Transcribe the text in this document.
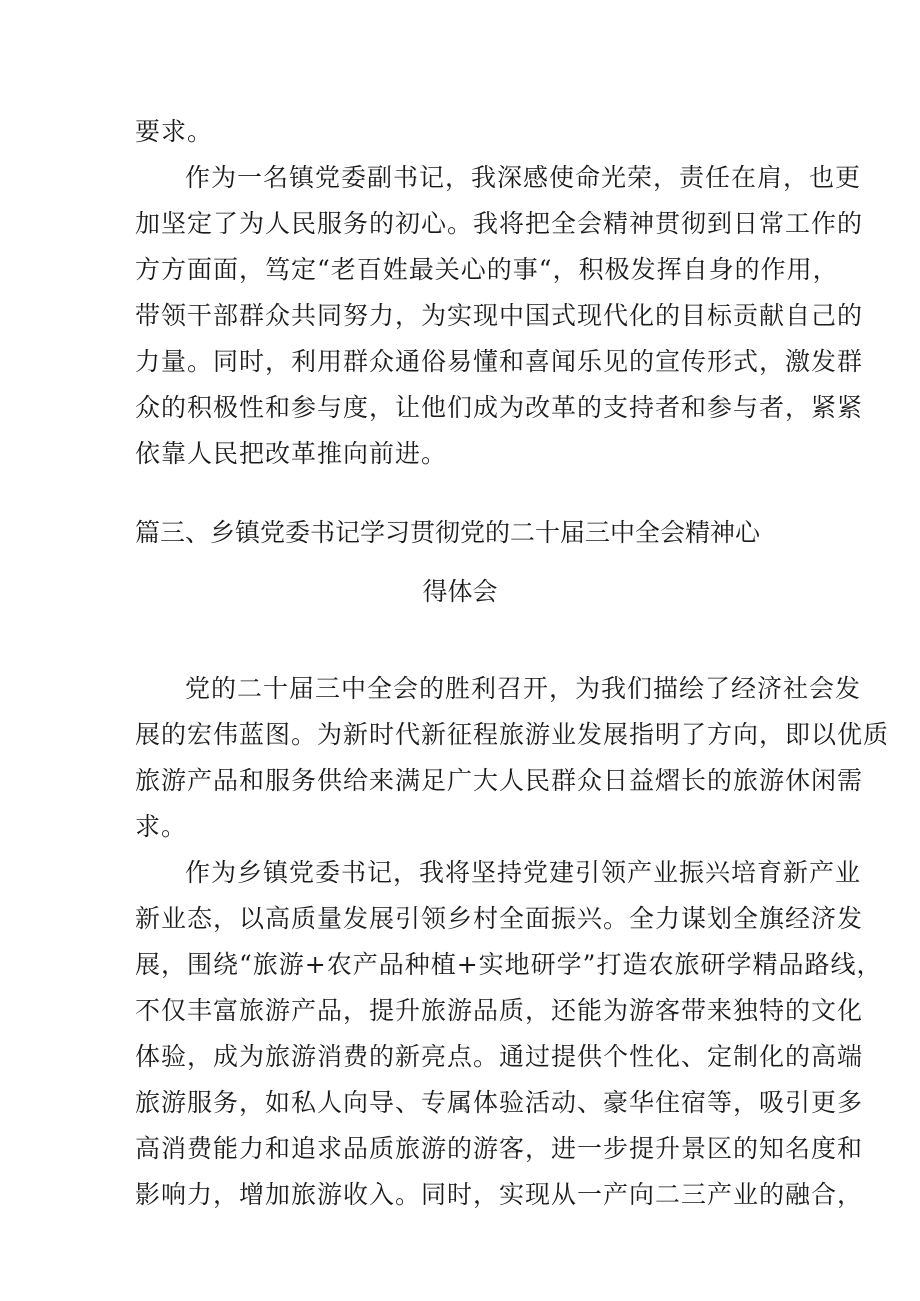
要求。
作为一名镇党委副书记，我深感使命光荣，责任在肩，也更
加坚定了为人民服务的初心。我将把全会精神贯彻到日常工作的
方方面面，笃定“老百姓最关心的事“，积极发挥自身的作用，
带领干部群众共同努力，为实现中国式现代化的目标贡献自己的
力量。同时，利用群众通俗易懂和喜闻乐见的宣传形式，激发群
众的积极性和参与度，让他们成为改革的支持者和参与者，紧紧
依靠人民把改革推向前进。
篇三、乡镇党委书记学习贯彻党的二十届三中全会精神心
得体会
党的二十届三中全会的胜利召开，为我们描绘了经济社会发
展的宏伟蓝图。为新时代新征程旅游业发展指明了方向，即以优质
旅游产品和服务供给来满足广大人民群众日益熠长的旅游休闲需
求。
作为乡镇党委书记，我将坚持党建引领产业振兴培育新产业
新业态，以高质量发展引领乡村全面振兴。全力谋划全旗经济发
展，围绕“旅游+农产品种植+实地研学”打造农旅研学精品路线，
不仅丰富旅游产品，提升旅游品质，还能为游客带来独特的文化
体验，成为旅游消费的新亮点。通过提供个性化、定制化的高端
旅游服务，如私人向导、专属体验活动、豪华住宿等，吸引更多
高消费能力和追求品质旅游的游客，进一步提升景区的知名度和
影响力，增加旅游收入。同时，实现从一产向二三产业的融合，
